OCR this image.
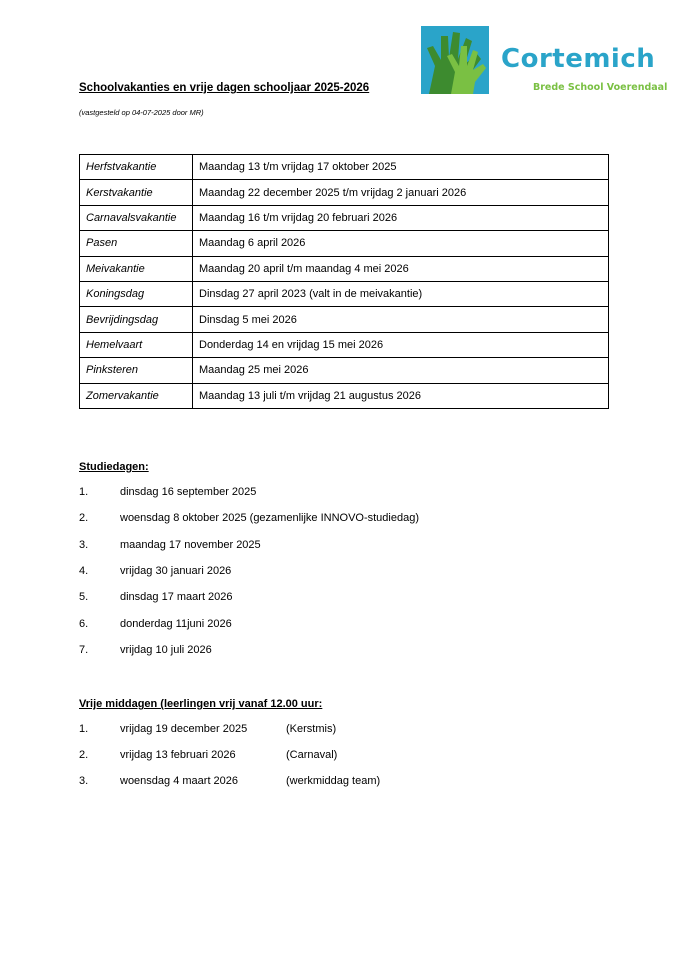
Cortemich
Brede School Voerendaal
Schoolvakanties en vrije dagen schooljaar 2025-2026
(vastgesteld op 04-07-2025 door MR)
Herfstvakantie	Maandag 13 t/m vrijdag 17 oktober 2025
Kerstvakantie	Maandag 22 december 2025 t/m vrijdag 2 januari 2026
Carnavalsvakantie	Maandag 16 t/m vrijdag 20 februari 2026
Pasen	Maandag 6 april 2026
Meivakantie	Maandag 20 april t/m maandag 4 mei 2026
Koningsdag	Dinsdag 27 april 2023 (valt in de meivakantie)
Bevrijdingsdag	Dinsdag 5 mei 2026
Hemelvaart	Donderdag 14 en vrijdag 15 mei 2026
Pinksteren	Maandag 25 mei 2026
Zomervakantie	Maandag 13 juli t/m vrijdag 21 augustus 2026
Studiedagen:
1.	dinsdag 16 september 2025
2.	woensdag 8 oktober 2025 (gezamenlijke INNOVO-studiedag)
3.	maandag 17 november 2025
4.	vrijdag 30 januari 2026
5.	dinsdag 17 maart 2026
6.	donderdag 11juni 2026
7.	vrijdag 10 juli 2026
Vrije middagen (leerlingen vrij vanaf 12.00 uur:
1.	vrijdag 19 december 2025	(Kerstmis)
2.	vrijdag 13 februari 2026	(Carnaval)
3.	woensdag 4 maart 2026	(werkmiddag team)
